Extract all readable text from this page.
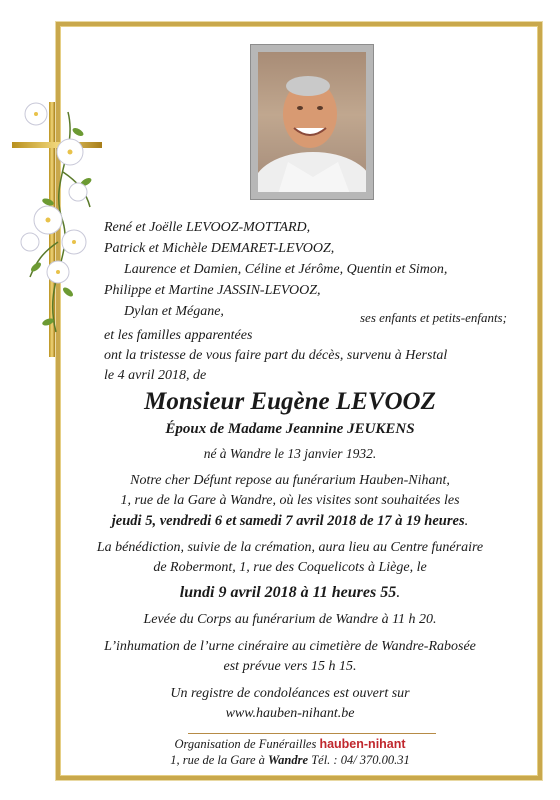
René et Joëlle LEVOOZ-MOTTARD,
Patrick et Michèle DEMARET-LEVOOZ,
Laurence et Damien, Céline et Jérôme, Quentin et Simon,
Philippe et Martine JASSIN-LEVOOZ,
Dylan et Mégane,	ses enfants et petits-enfants;
et les familles apparentées
ont la tristesse de vous faire part du décès, survenu à Herstal
le 4 avril 2018, de
Monsieur Eugène LEVOOZ
Époux de Madame Jeannine JEUKENS
né à Wandre le 13 janvier 1932.
Notre cher Défunt repose au funérarium Hauben-Nihant,
1, rue de la Gare à Wandre, où les visites sont souhaitées les
jeudi 5, vendredi 6 et samedi 7 avril 2018 de 17 à 19 heures.
La bénédiction, suivie de la crémation, aura lieu au Centre funéraire
de Robermont, 1, rue des Coquelicots à Liège, le
lundi 9 avril 2018 à 11 heures 55.
Levée du Corps au funérarium de Wandre à 11 h 20.
L’inhumation de l’urne cinéraire au cimetière de Wandre-Rabosée
est prévue vers 15 h 15.
Un registre de condoléances est ouvert sur
www.hauben-nihant.be
Organisation de Funérailles hauben-nihant
1, rue de la Gare à Wandre Tél. : 04/ 370.00.31
